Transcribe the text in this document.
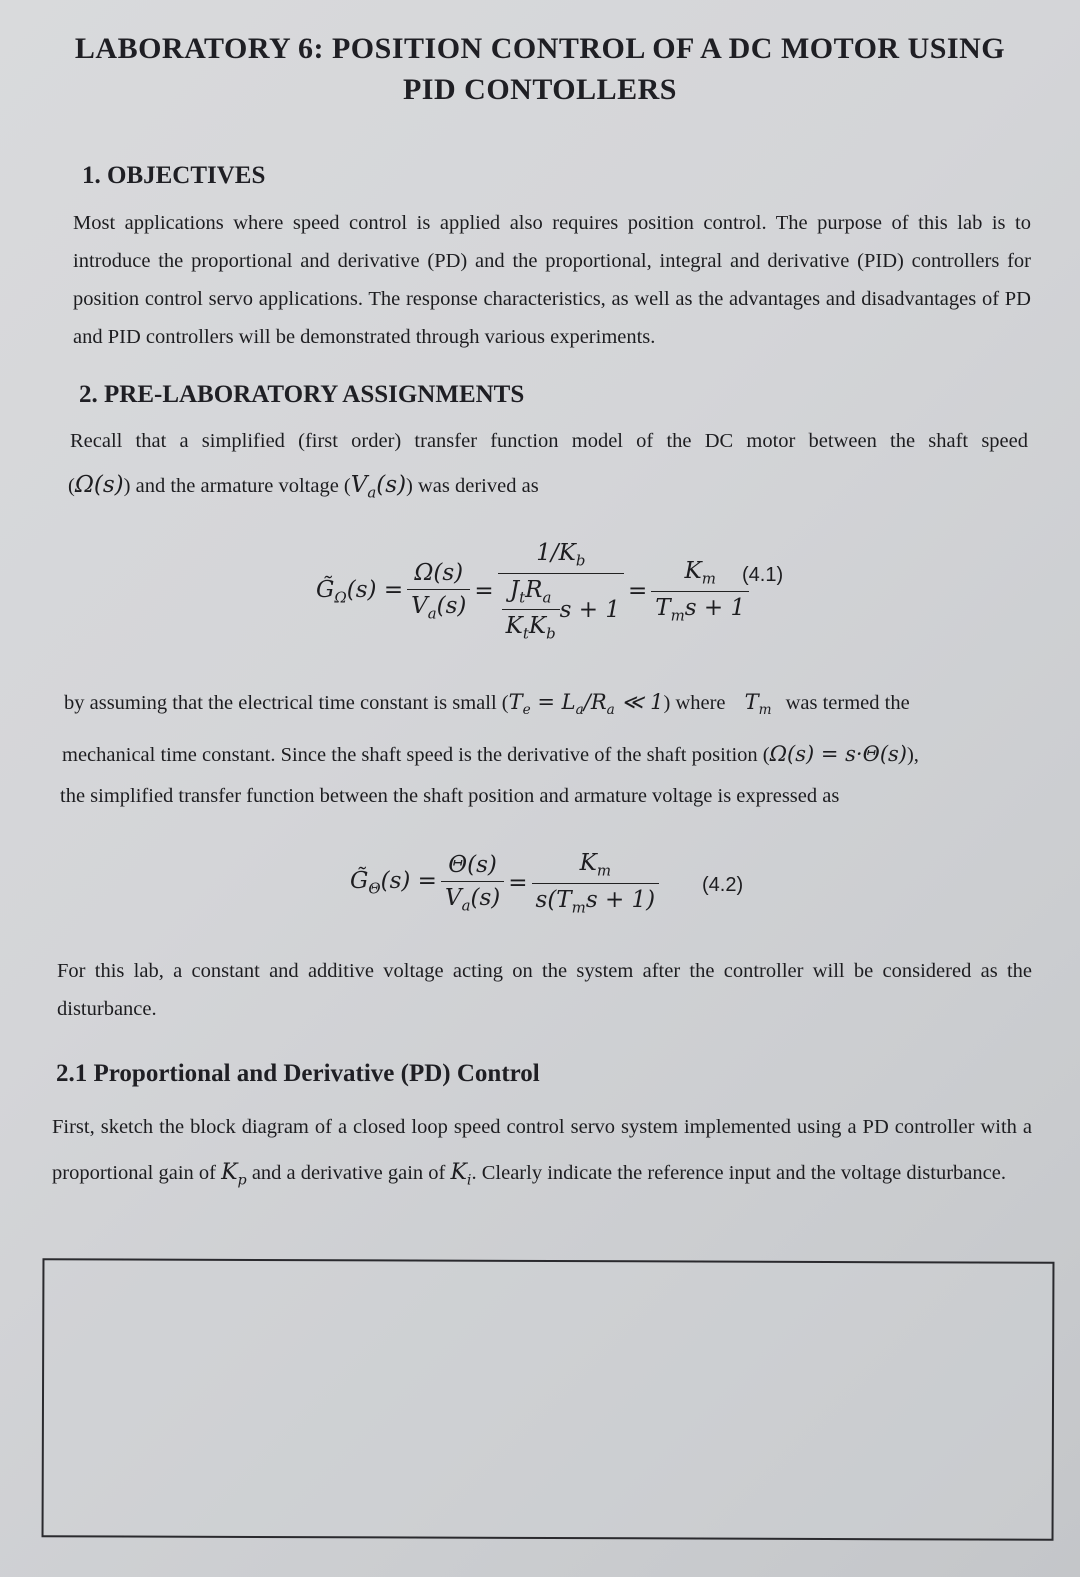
LABORATORY 6: POSITION CONTROL OF A DC MOTOR USING
PID CONTOLLERS
1. OBJECTIVES
Most applications where speed control is applied also requires position control. The purpose of this lab is to introduce the proportional and derivative (PD) and the proportional, integral and derivative (PID) controllers for position control servo applications. The response characteristics, as well as the advantages and disadvantages of PD and PID controllers will be demonstrated through various experiments.
2. PRE-LABORATORY ASSIGNMENTS
Recall that a simplified (first order) transfer function model of the DC motor between the shaft speed
(Ω(s)) and the armature voltage $(V_a(s))$ was derived as
$G̃_\Omega(s) = \frac{\Omega(s)}{V_a(s)} = \frac{1/K_b}{\frac{J_tR_a}{K_tK_b} s + 1} = \frac{K_m}{T_ms + 1}$
(4.1)
by assuming that the electrical time constant is small ($T_e = L_a/R_a$ ≪ 1) where $T_m$ was termed the
mechanical time constant. Since the shaft speed is the derivative of the shaft position (Ω(s) = s·Θ(s)),
the simplified transfer function between the shaft position and armature voltage is expressed as
$G̃_\Theta(s) = \frac{\Theta(s)}{V_a(s)} = \frac{K_m}{s(T_ms + 1)} (4.2)$
For this lab, a constant and additive voltage acting on the system after the controller will be considered as the disturbance.
2.1 Proportional and Derivative (PD) Control
First, sketch the block diagram of a closed loop speed control servo system implemented using a PD controller with a proportional gain of $K_p$ and a derivative gain of $K_i$. Clearly indicate the reference input and the voltage disturbance.
